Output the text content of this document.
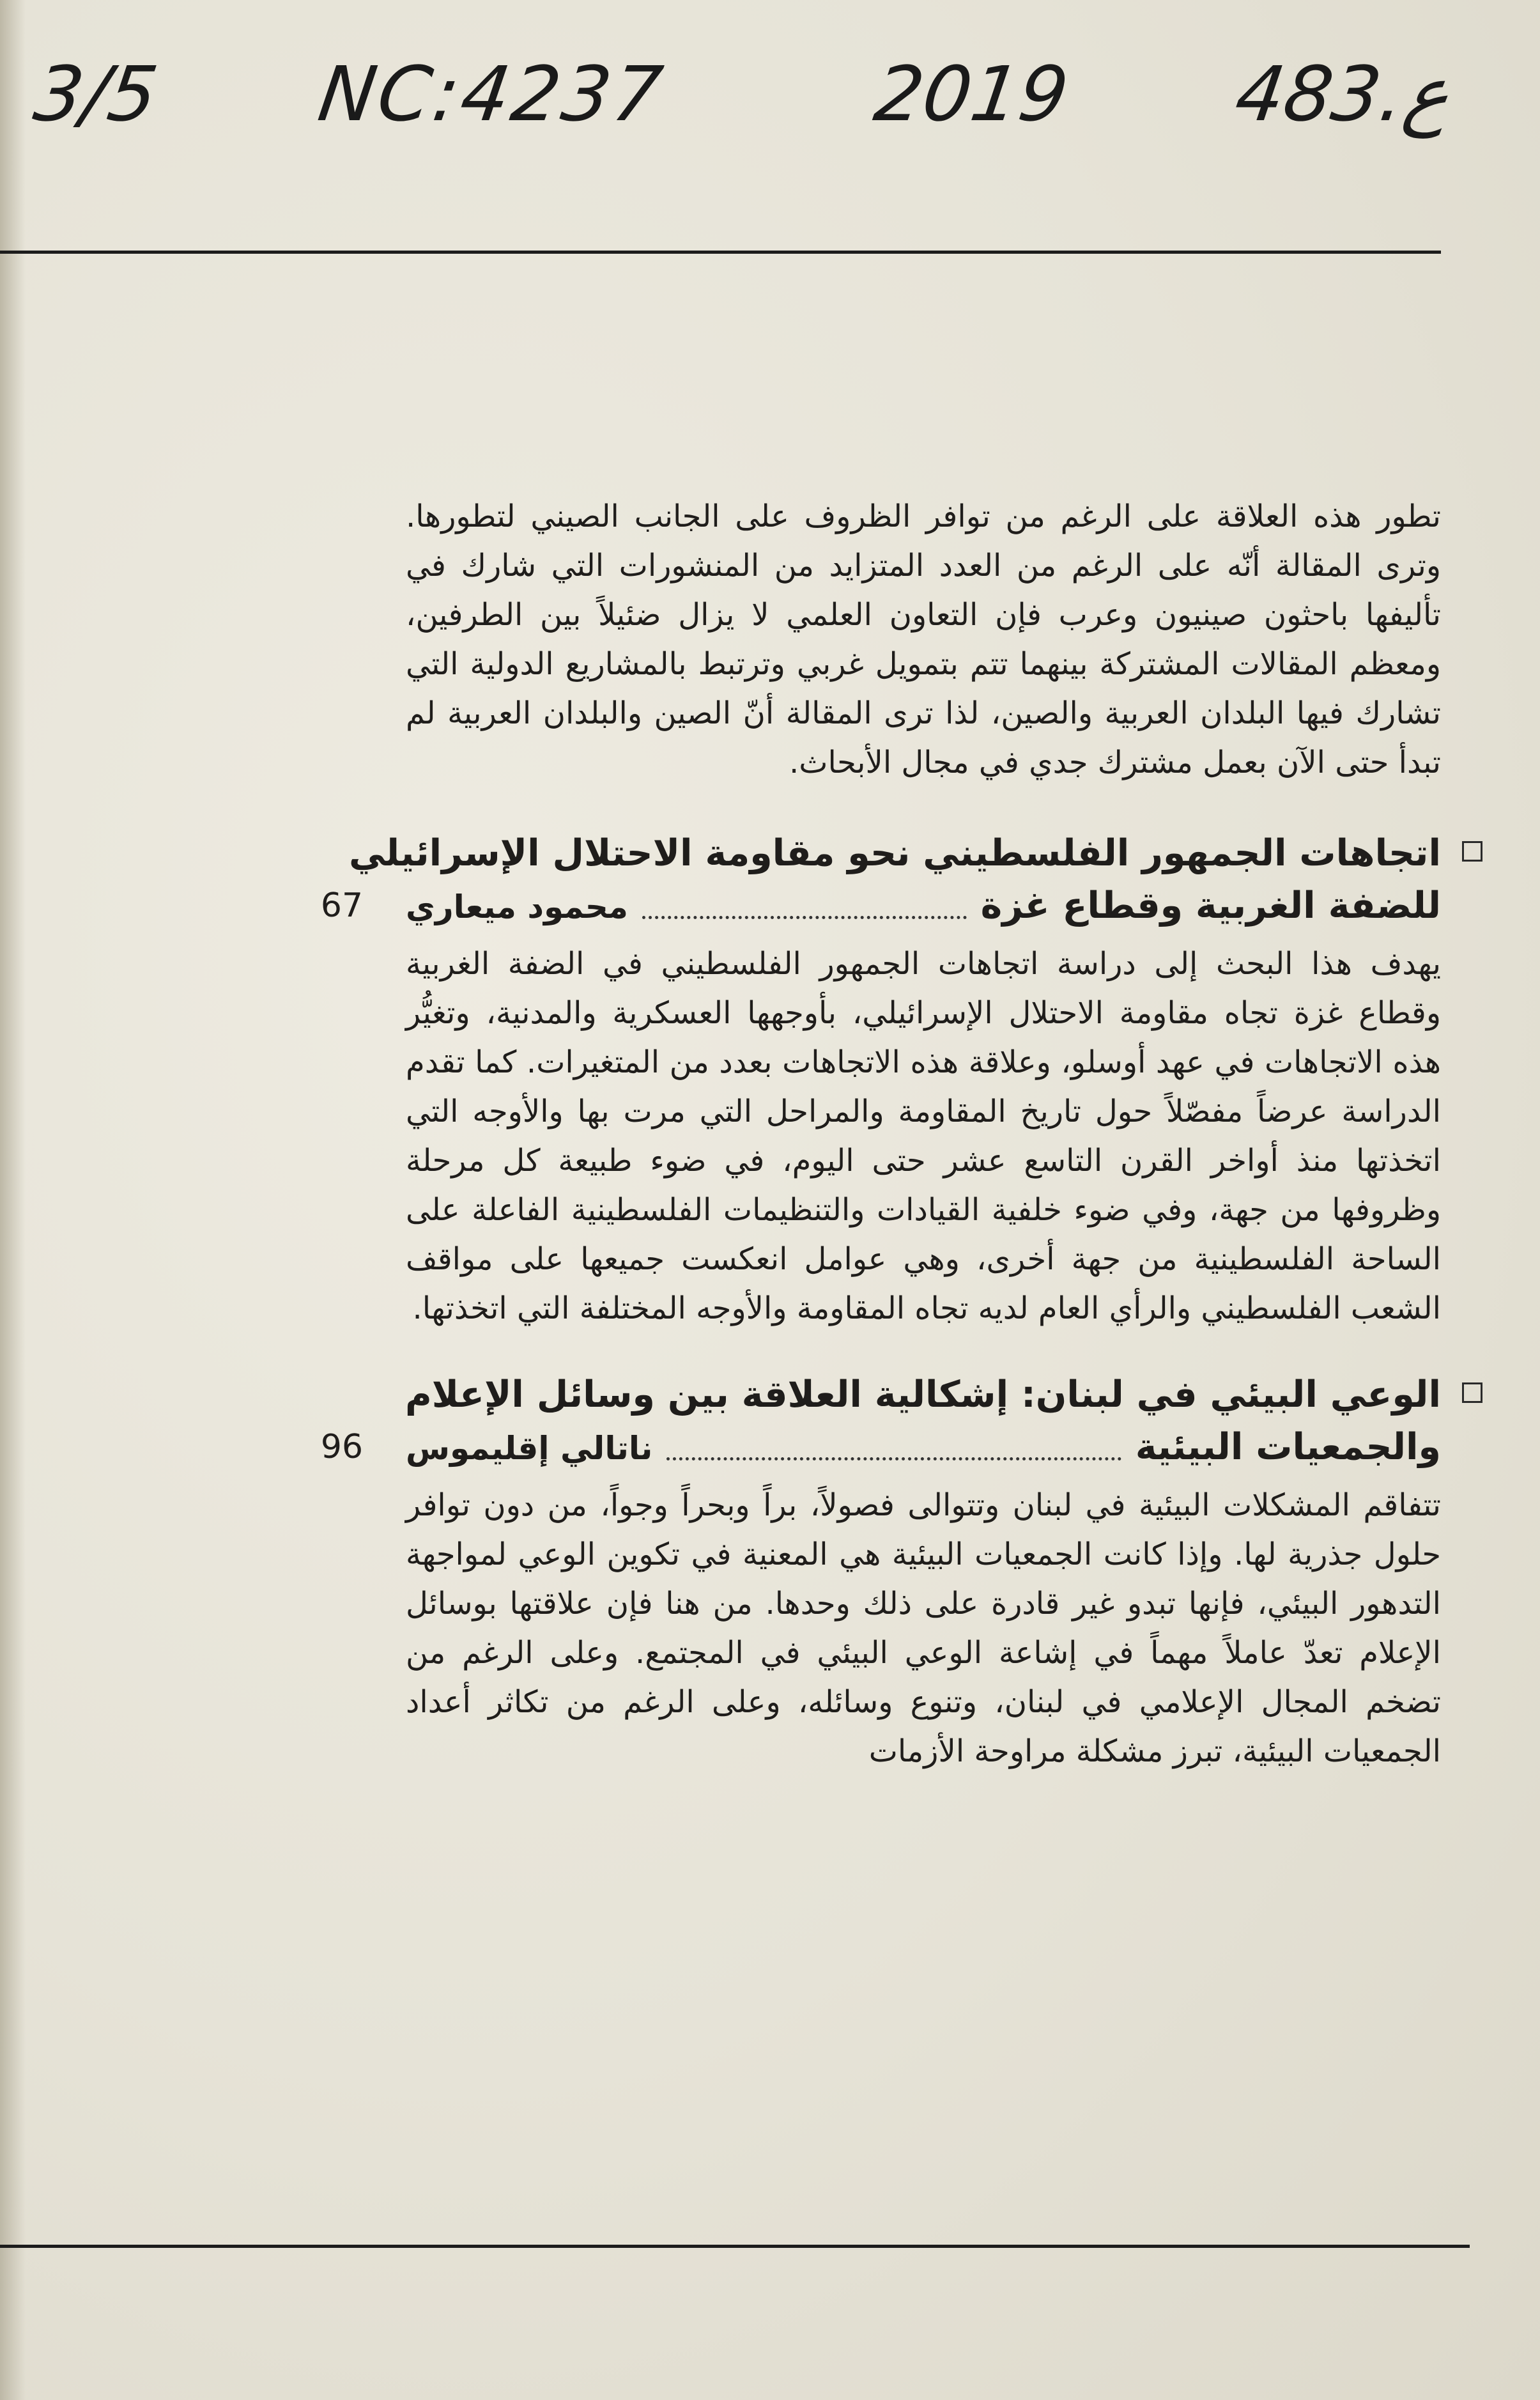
3/5 NC:4237	2019 483.ع

تطور هذه العلاقة على الرغم من توافر الظروف على الجانب الصيني لتطورها. وترى المقالة أنّه على الرغم من العدد المتزايد من المنشورات التي شارك في تأليفها باحثون صينيون وعرب فإن التعاون العلمي لا يزال ضئيلاً بين الطرفين، ومعظم المقالات المشتركة بينهما تتم بتمويل غربي وترتبط بالمشاريع الدولية التي تشارك فيها البلدان العربية والصين، لذا ترى المقالة أنّ الصين والبلدان العربية لم تبدأ حتى الآن بعمل مشترك جدي في مجال الأبحاث.

اتجاهات الجمهور الفلسطيني نحو مقاومة الاحتلال الإسرائيلي

للضفة الغربية وقطاع غزة
محمود ميعاري
67

يهدف هذا البحث إلى دراسة اتجاهات الجمهور الفلسطيني في الضفة الغربية وقطاع غزة تجاه مقاومة الاحتلال الإسرائيلي، بأوجهها العسكرية والمدنية، وتغيُّر هذه الاتجاهات في عهد أوسلو، وعلاقة هذه الاتجاهات بعدد من المتغيرات. كما تقدم الدراسة عرضاً مفصّلاً حول تاريخ المقاومة والمراحل التي مرت بها والأوجه التي اتخذتها منذ أواخر القرن التاسع عشر حتى اليوم، في ضوء طبيعة كل مرحلة وظروفها من جهة، وفي ضوء خلفية القيادات والتنظيمات الفلسطينية الفاعلة على الساحة الفلسطينية من جهة أخرى، وهي عوامل انعكست جميعها على مواقف الشعب الفلسطيني والرأي العام لديه تجاه المقاومة والأوجه المختلفة التي اتخذتها.

الوعي البيئي في لبنان: إشكالية العلاقة بين وسائل الإعلام

والجمعيات البيئية
ناتالي إقليموس
96

تتفاقم المشكلات البيئية في لبنان وتتوالى فصولاً، براً وبحراً وجواً، من دون توافر حلول جذرية لها. وإذا كانت الجمعيات البيئية هي المعنية في تكوين الوعي لمواجهة التدهور البيئي، فإنها تبدو غير قادرة على ذلك وحدها. من هنا فإن علاقتها بوسائل الإعلام تعدّ عاملاً مهماً في إشاعة الوعي البيئي في المجتمع. وعلى الرغم من تضخم المجال الإعلامي في لبنان، وتنوع وسائله، وعلى الرغم من تكاثر أعداد الجمعيات البيئية، تبرز مشكلة مراوحة الأزمات
